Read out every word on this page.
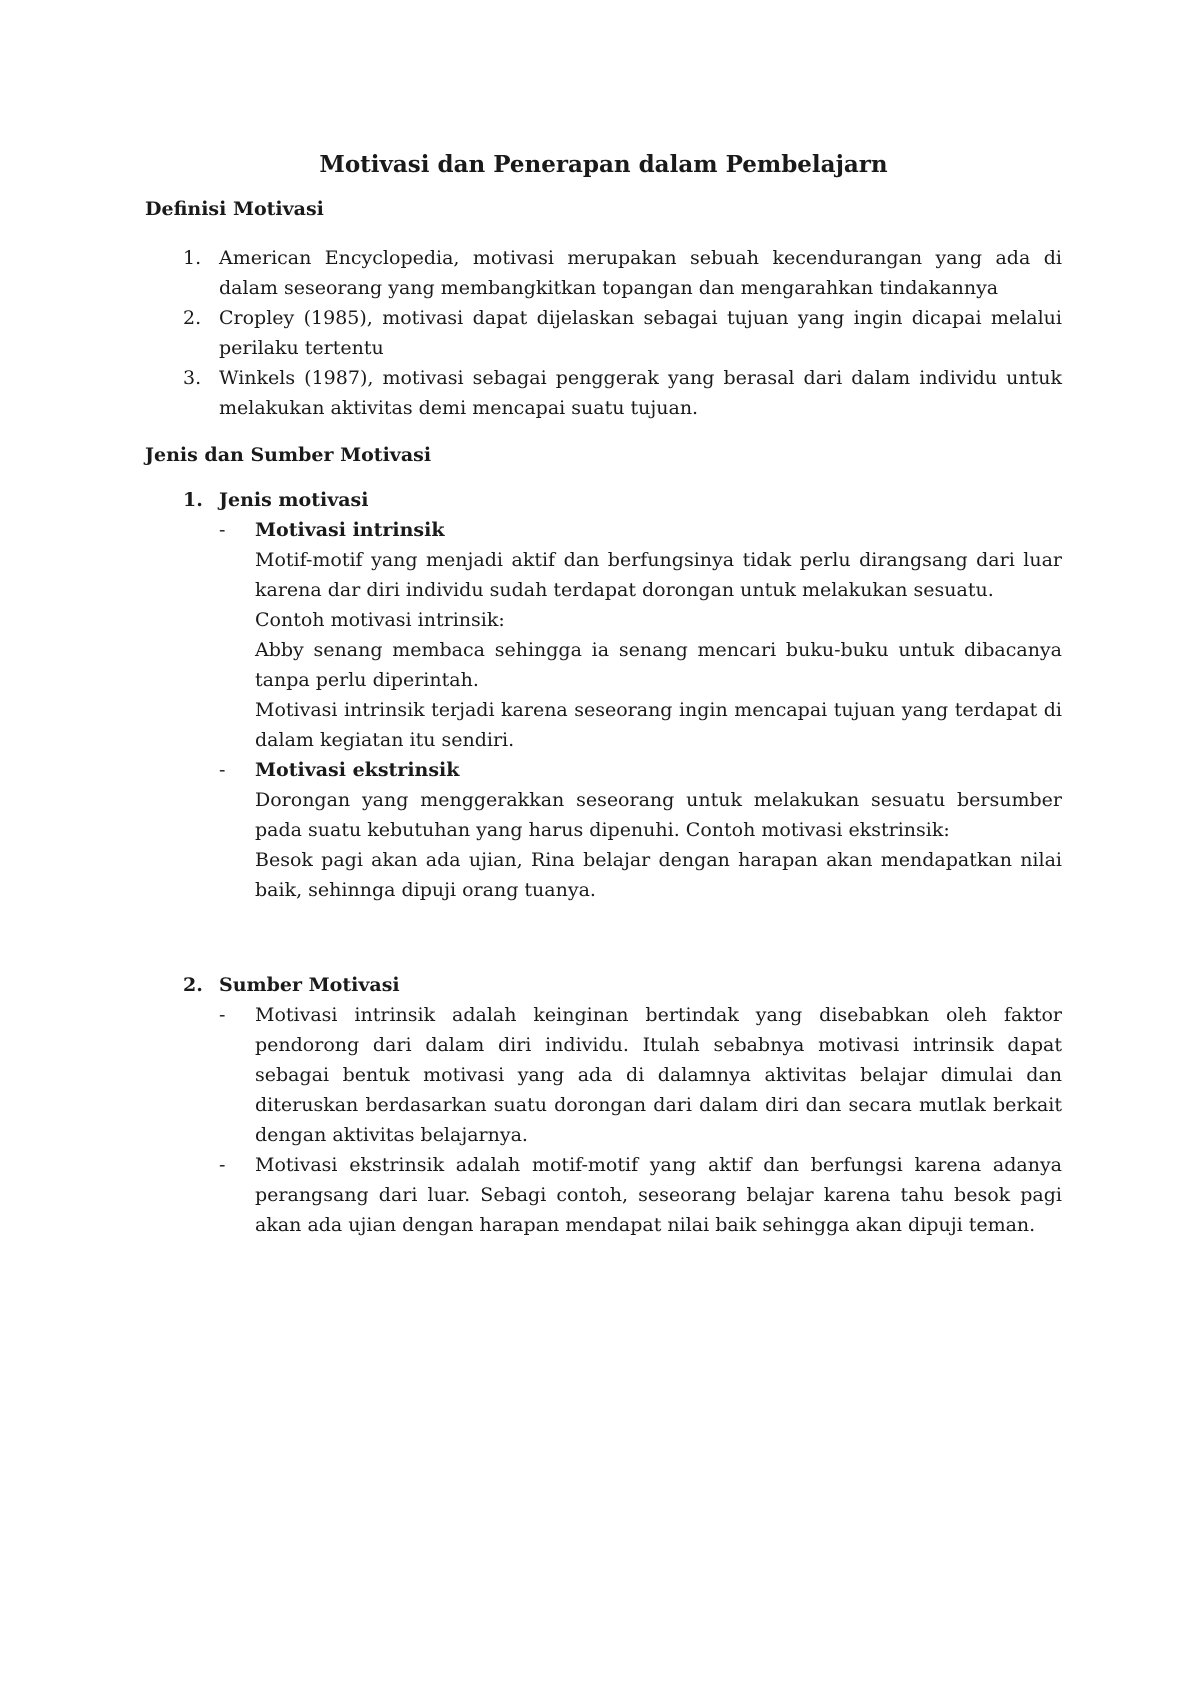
Motivasi dan Penerapan dalam Pembelajarn
Definisi Motivasi
1. American Encyclopedia, motivasi merupakan sebuah kecendurangan yang ada di dalam seseorang yang membangkitkan topangan dan mengarahkan tindakannya
2. Cropley (1985), motivasi dapat dijelaskan sebagai tujuan yang ingin dicapai melalui perilaku tertentu
3. Winkels (1987), motivasi sebagai penggerak yang berasal dari dalam individu untuk melakukan aktivitas demi mencapai suatu tujuan.
Jenis dan Sumber Motivasi
1. Jenis motivasi
- Motivasi intrinsik

Motif-motif yang menjadi aktif dan berfungsinya tidak perlu dirangsang dari luar karena dar diri individu sudah terdapat dorongan untuk melakukan sesuatu.

Contoh motivasi intrinsik:

Abby senang membaca sehingga ia senang mencari buku-buku untuk dibacanya tanpa perlu diperintah.

Motivasi intrinsik terjadi karena seseorang ingin mencapai tujuan yang terdapat di dalam kegiatan itu sendiri.

- Motivasi ekstrinsik

Dorongan yang menggerakkan seseorang untuk melakukan sesuatu bersumber pada suatu kebutuhan yang harus dipenuhi. Contoh motivasi ekstrinsik:

Besok pagi akan ada ujian, Rina belajar dengan harapan akan mendapatkan nilai baik, sehinnga dipuji orang tuanya.

2. Sumber Motivasi
- Motivasi intrinsik adalah keinginan bertindak yang disebabkan oleh faktor pendorong dari dalam diri individu. Itulah sebabnya motivasi intrinsik dapat sebagai bentuk motivasi yang ada di dalamnya aktivitas belajar dimulai dan diteruskan berdasarkan suatu dorongan dari dalam diri dan secara mutlak berkait dengan aktivitas belajarnya.

- Motivasi ekstrinsik adalah motif-motif yang aktif dan berfungsi karena adanya perangsang dari luar. Sebagi contoh, seseorang belajar karena tahu besok pagi akan ada ujian dengan harapan mendapat nilai baik sehingga akan dipuji teman.
